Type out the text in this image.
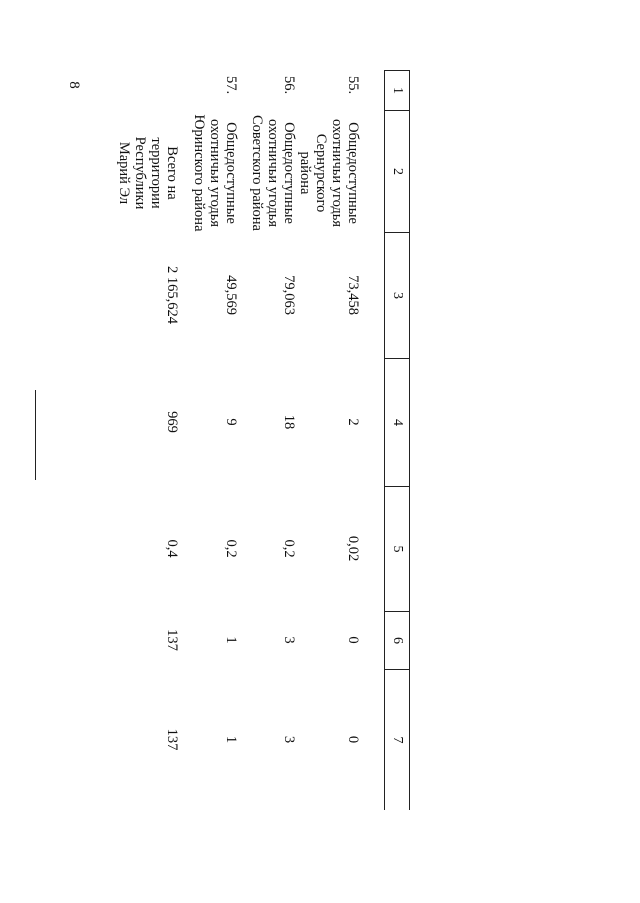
8
1
2
3
4
5
6
7
55.
Общедоступные охотничьи угодья Сернурского района
73,458
2
0,02
0
0
56.
Общедоступные охотничьи угодья Советского района
79,063
18
0,2
3
3
57.
Общедоступные охотничьи угодья Юринского района
49,569
9
0,2
1
1
Всего на территории Республики Марий Эл
2 165,624
969
0,4
137
137
